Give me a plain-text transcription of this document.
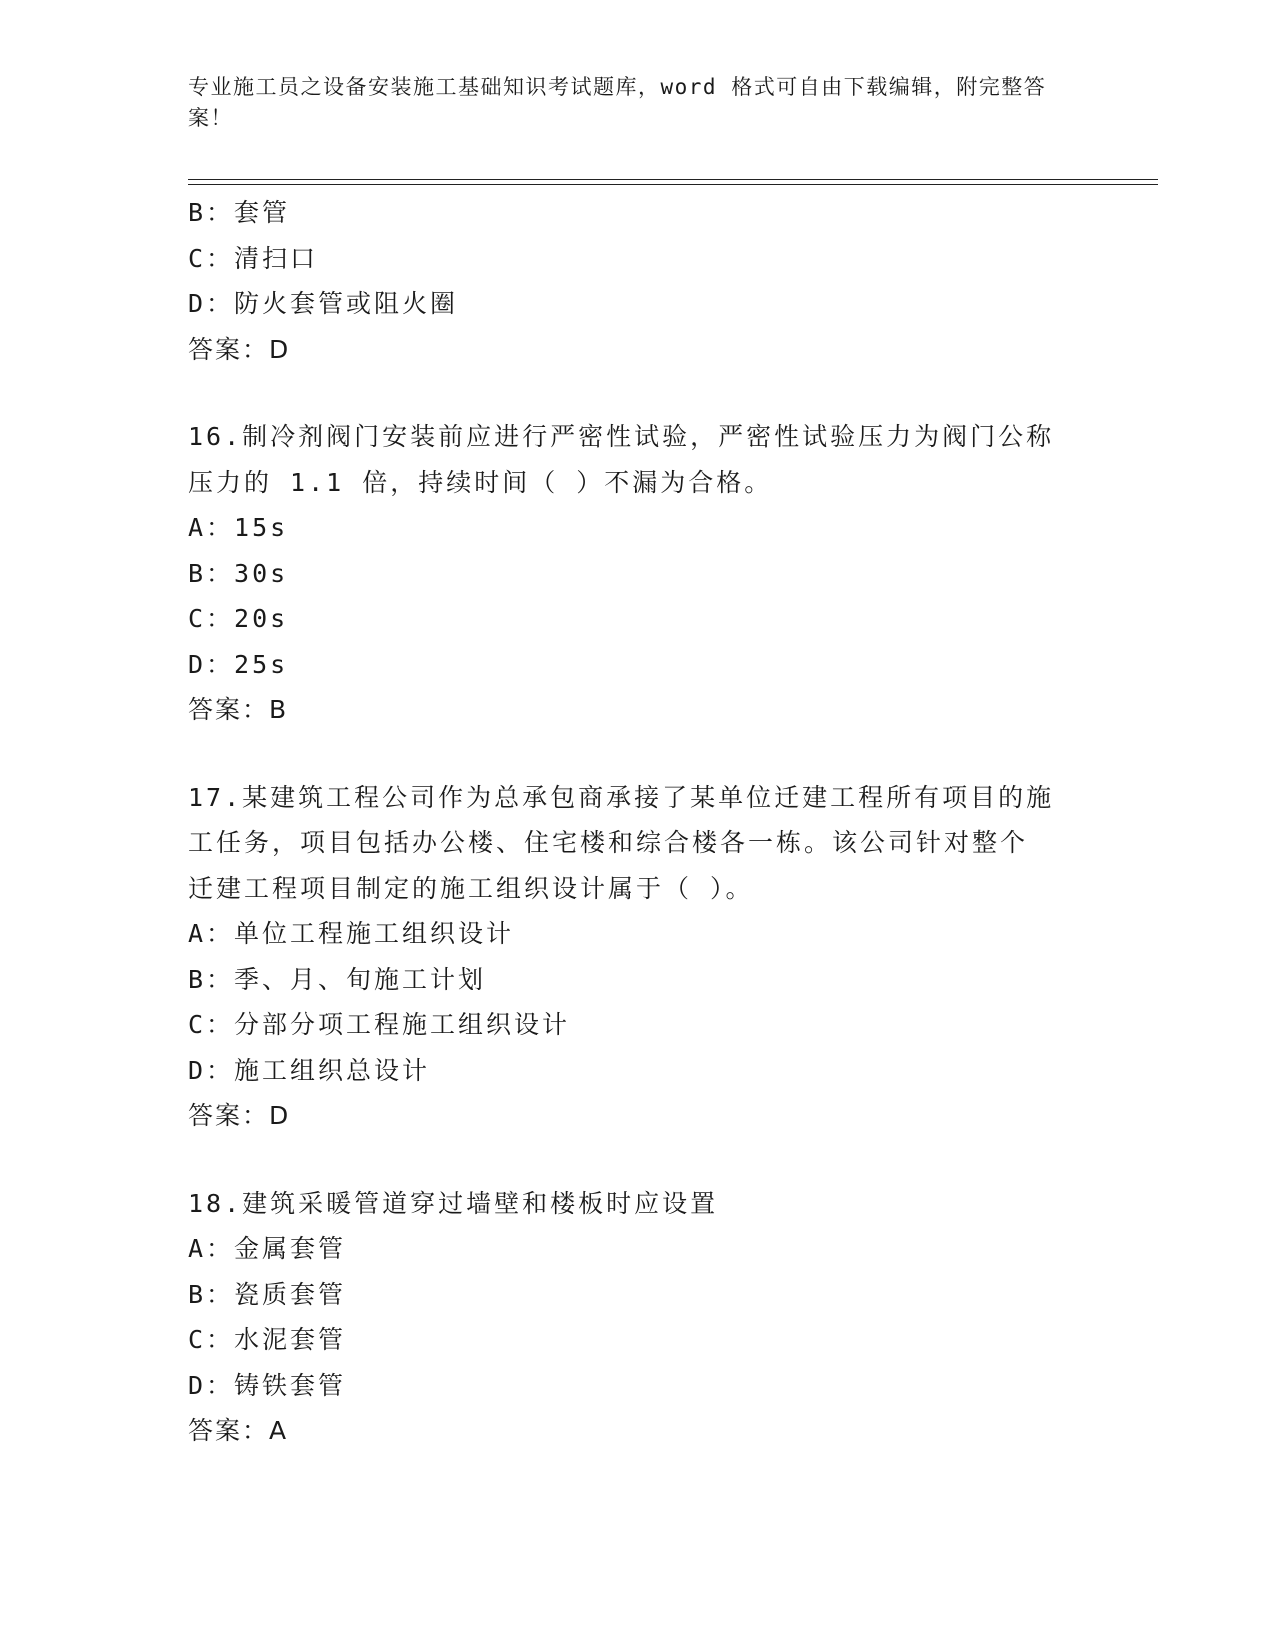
专业施工员之设备安装施工基础知识考试题库，word 格式可自由下载编辑，附完整答案！
B：套管
C：清扫口
D：防火套管或阻火圈
答案：D
16.制冷剂阀门安装前应进行严密性试验，严密性试验压力为阀门公称
压力的 1.1 倍，持续时间（ ）不漏为合格。
A：15s
B：30s
C：20s
D：25s
答案：B
17.某建筑工程公司作为总承包商承接了某单位迁建工程所有项目的施
工任务，项目包括办公楼、住宅楼和综合楼各一栋。该公司针对整个
迁建工程项目制定的施工组织设计属于（ ）。
A：单位工程施工组织设计
B：季、月、旬施工计划
C：分部分项工程施工组织设计
D：施工组织总设计
答案：D
18.建筑采暖管道穿过墙壁和楼板时应设置
A：金属套管
B：瓷质套管
C：水泥套管
D：铸铁套管
答案：A
